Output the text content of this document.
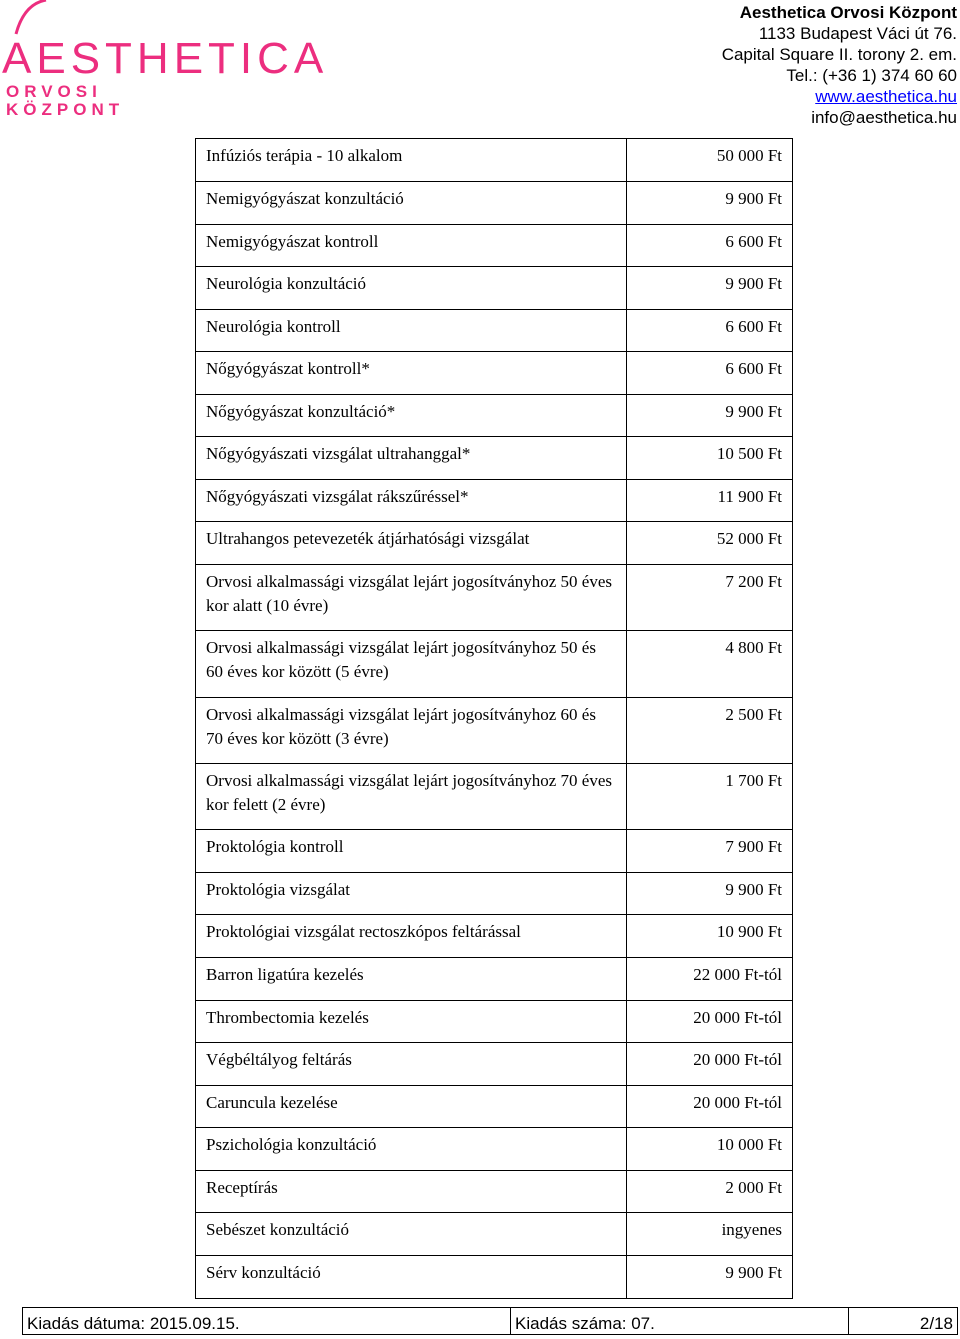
AESTHETICA
ORVOSI
KÖZPONT
Aesthetica Orvosi Központ
1133 Budapest Váci út 76.
Capital Square II. torony 2. em.
Tel.: (+36 1) 374 60 60
www.aesthetica.hu
info@aesthetica.hu
Infúziós terápia - 10 alkalom	50 000 Ft
Nemigyógyászat konzultáció	9 900 Ft
Nemigyógyászat kontroll	6 600 Ft
Neurológia konzultáció	9 900 Ft
Neurológia kontroll	6 600 Ft
Nőgyógyászat kontroll*	6 600 Ft
Nőgyógyászat konzultáció*	9 900 Ft
Nőgyógyászati vizsgálat ultrahanggal*	10 500 Ft
Nőgyógyászati vizsgálat rákszűréssel*	11 900 Ft
Ultrahangos petevezeték átjárhatósági vizsgálat	52 000 Ft
Orvosi alkalmassági vizsgálat lejárt jogosítványhoz 50 éves kor alatt (10 évre)	7 200 Ft
Orvosi alkalmassági vizsgálat lejárt jogosítványhoz 50 és 60 éves kor között (5 évre)	4 800 Ft
Orvosi alkalmassági vizsgálat lejárt jogosítványhoz 60 és 70 éves kor között (3 évre)	2 500 Ft
Orvosi alkalmassági vizsgálat lejárt jogosítványhoz 70 éves kor felett (2 évre)	1 700 Ft
Proktológia kontroll	7 900 Ft
Proktológia vizsgálat	9 900 Ft
Proktológiai vizsgálat rectoszkópos feltárással	10 900 Ft
Barron ligatúra kezelés	22 000 Ft-tól
Thrombectomia kezelés	20 000 Ft-tól
Végbéltályog feltárás	20 000 Ft-tól
Caruncula kezelése	20 000 Ft-tól
Pszichológia konzultáció	10 000 Ft
Receptírás	2 000 Ft
Sebészet konzultáció	ingyenes
Sérv konzultáció	9 900 Ft
Kiadás dátuma: 2015.09.15.	Kiadás száma: 07.	2/18
